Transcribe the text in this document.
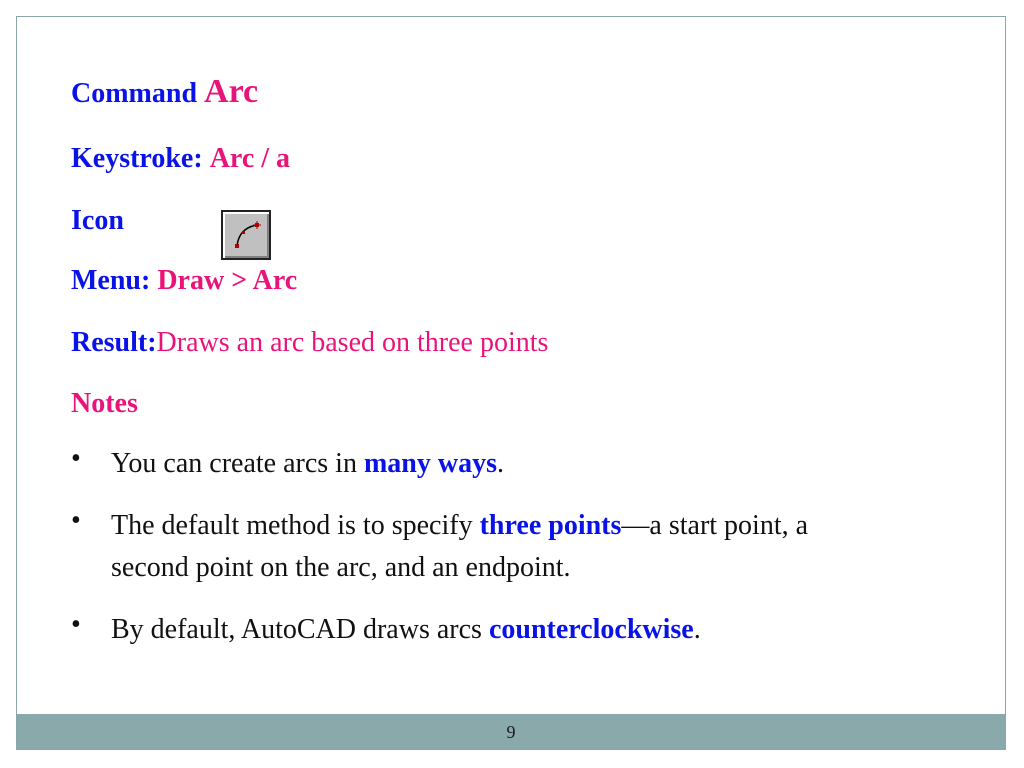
Command Arc
Keystroke: Arc / a
Icon
Menu: Draw > Arc
Result:Draws an arc based on three points
Notes
• You can create arcs in many ways.
• The default method is to specify three points—a start point, a second point on the arc, and an endpoint.
• By default, AutoCAD draws arcs counterclockwise.
9
